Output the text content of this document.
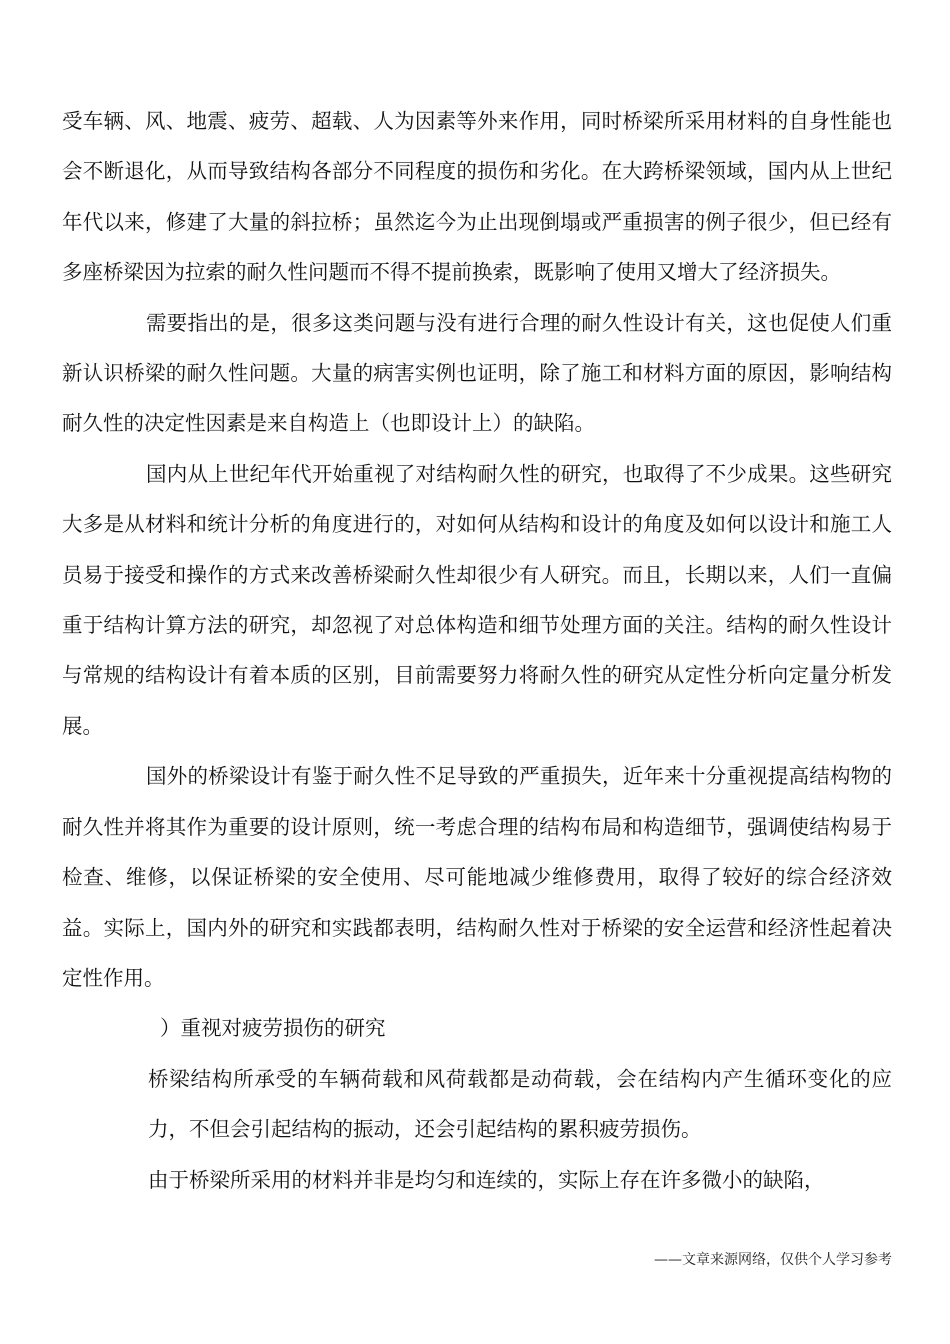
受车辆、风、地震、疲劳、超载、人为因素等外来作用，同时桥梁所采用材料的自身性能也会不断退化，从而导致结构各部分不同程度的损伤和劣化。在大跨桥梁领域，国内从上世纪年代以来，修建了大量的斜拉桥；虽然迄今为止出现倒塌或严重损害的例子很少，但已经有多座桥梁因为拉索的耐久性问题而不得不提前换索，既影响了使用又增大了经济损失。

需要指出的是，很多这类问题与没有进行合理的耐久性设计有关，这也促使人们重新认识桥梁的耐久性问题。大量的病害实例也证明，除了施工和材料方面的原因，影响结构耐久性的决定性因素是来自构造上（也即设计上）的缺陷。

国内从上世纪年代开始重视了对结构耐久性的研究，也取得了不少成果。这些研究大多是从材料和统计分析的角度进行的，对如何从结构和设计的角度及如何以设计和施工人员易于接受和操作的方式来改善桥梁耐久性却很少有人研究。而且，长期以来，人们一直偏重于结构计算方法的研究，却忽视了对总体构造和细节处理方面的关注。结构的耐久性设计与常规的结构设计有着本质的区别，目前需要努力将耐久性的研究从定性分析向定量分析发展。

国外的桥梁设计有鉴于耐久性不足导致的严重损失，近年来十分重视提高结构物的耐久性并将其作为重要的设计原则，统一考虑合理的结构布局和构造细节，强调使结构易于检查、维修，以保证桥梁的安全使用、尽可能地减少维修费用，取得了较好的综合经济效益。实际上，国内外的研究和实践都表明，结构耐久性对于桥梁的安全运营和经济性起着决定性作用。

）重视对疲劳损伤的研究

桥梁结构所承受的车辆荷载和风荷载都是动荷载，会在结构内产生循环变化的应力，不但会引起结构的振动，还会引起结构的累积疲劳损伤。

由于桥梁所采用的材料并非是均匀和连续的，实际上存在许多微小的缺陷，

——文章来源网络，仅供个人学习参考
